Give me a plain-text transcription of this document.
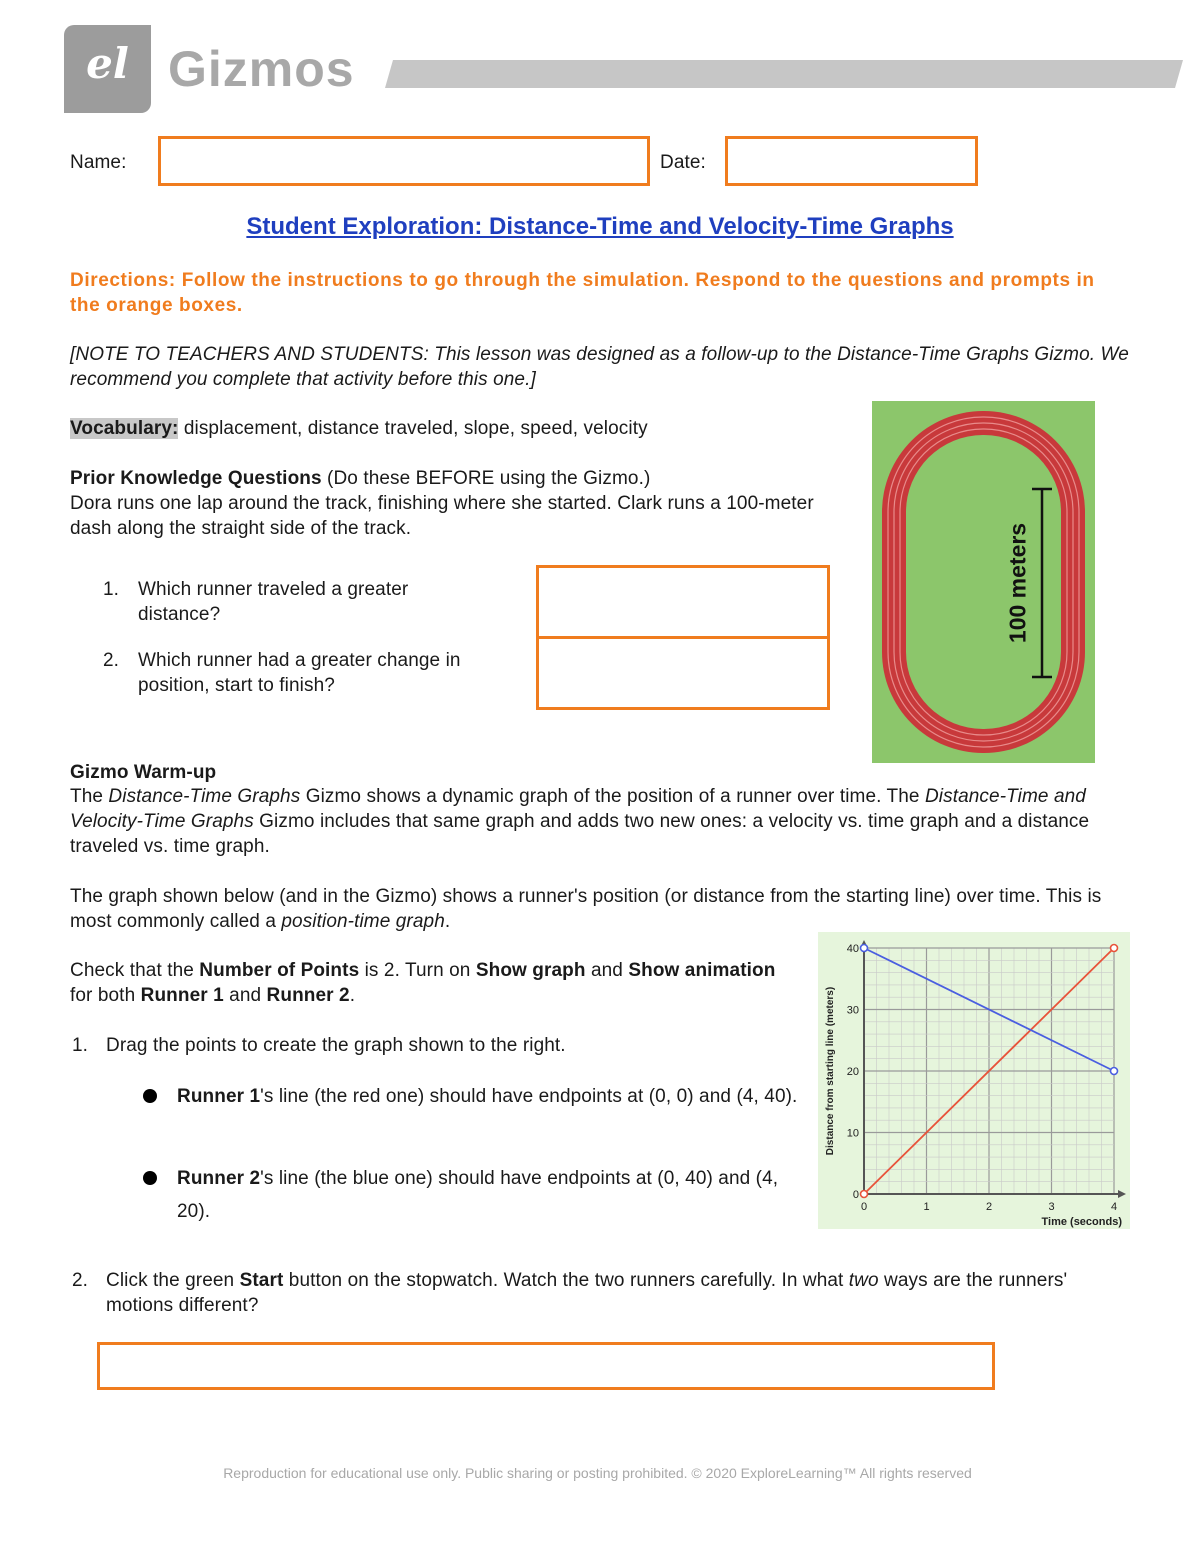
el Gizmos
Name:	Date:
Student Exploration: Distance-Time and Velocity-Time Graphs
Directions: Follow the instructions to go through the simulation. Respond to the questions and prompts in the orange boxes.
[NOTE TO TEACHERS AND STUDENTS: This lesson was designed as a follow-up to the Distance-Time Graphs Gizmo. We recommend you complete that activity before this one.]
Vocabulary: displacement, distance traveled, slope, speed, velocity
Prior Knowledge Questions (Do these BEFORE using the Gizmo.)
Dora runs one lap around the track, finishing where she started. Clark runs a 100-meter dash along the straight side of the track.
1. Which runner traveled a greater distance?
2. Which runner had a greater change in position, start to finish?
100 meters
Gizmo Warm-up
The Distance-Time Graphs Gizmo shows a dynamic graph of the position of a runner over time. The Distance-Time and Velocity-Time Graphs Gizmo includes that same graph and adds two new ones: a velocity vs. time graph and a distance traveled vs. time graph.
The graph shown below (and in the Gizmo) shows a runner's position (or distance from the starting line) over time. This is most commonly called a position-time graph.
Check that the Number of Points is 2. Turn on Show graph and Show animation for both Runner 1 and Runner 2.
1. Drag the points to create the graph shown to the right.
Runner 1's line (the red one) should have endpoints at (0, 0) and (4, 40).
Runner 2's line (the blue one) should have endpoints at (0, 40) and (4, 20).
2. Click the green Start button on the stopwatch. Watch the two runners carefully. In what two ways are the runners' motions different?
0	1	2	3	4
0
10
20
30
40
Time (seconds)
Distance from starting line (meters)
Reproduction for educational use only. Public sharing or posting prohibited. © 2020 ExploreLearning™ All rights reserved
